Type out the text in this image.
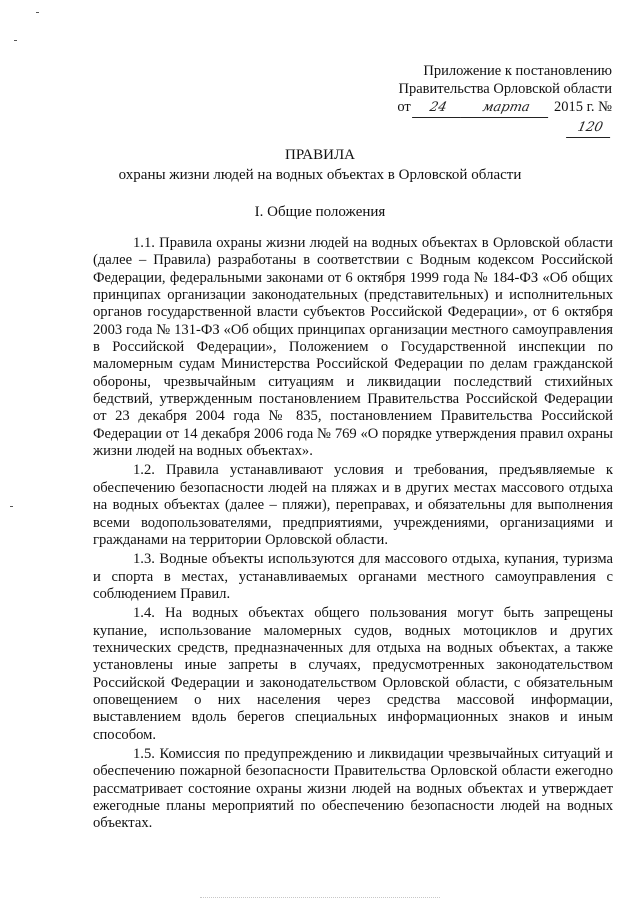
Приложение к постановлению
Правительства Орловской области
от 24	марта 2015 г. № 120
ПРАВИЛА
охраны жизни людей на водных объектах в Орловской области
I. Общие положения

1.1. Правила охраны жизни людей на водных объектах в Орловской области (далее – Правила) разработаны в соответствии с Водным кодексом Российской Федерации, федеральными законами от 6 октября 1999 года № 184-ФЗ «Об общих принципах организации законодательных (представительных) и исполнительных органов государственной власти субъектов Российской Федерации», от 6 октября 2003 года № 131-ФЗ «Об общих принципах организации местного самоуправления в Российской Федерации», Положением о Государственной инспекции по маломерным судам Министерства Российской Федерации по делам гражданской обороны, чрезвычайным ситуациям и ликвидации последствий стихийных бедствий, утвержденным постановлением Правительства Российской Федерации от 23 декабря 2004 года № 835, постановлением Правительства Российской Федерации от 14 декабря 2006 года № 769 «О порядке утверждения правил охраны жизни людей на водных объектах».

1.2. Правила устанавливают условия и требования, предъявляемые к обеспечению безопасности людей на пляжах и в других местах массового отдыха на водных объектах (далее – пляжи), переправах, и обязательны для выполнения всеми водопользователями, предприятиями, учреждениями, организациями и гражданами на территории Орловской области.

1.3. Водные объекты используются для массового отдыха, купания, туризма и спорта в местах, устанавливаемых органами местного самоуправления с соблюдением Правил.

1.4. На водных объектах общего пользования могут быть запрещены купание, использование маломерных судов, водных мотоциклов и других технических средств, предназначенных для отдыха на водных объектах, а также установлены иные запреты в случаях, предусмотренных законодательством Российской Федерации и законодательством Орловской области, с обязательным оповещением о них населения через средства массовой информации, выставлением вдоль берегов специальных информационных знаков и иным способом.

1.5. Комиссия по предупреждению и ликвидации чрезвычайных ситуаций и обеспечению пожарной безопасности Правительства Орловской области ежегодно рассматривает состояние охраны жизни людей на водных объектах и утверждает ежегодные планы мероприятий по обеспечению безопасности людей на водных объектах.
